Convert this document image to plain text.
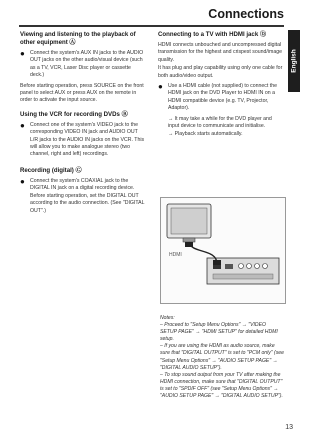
Connections
English
Viewing and listening to the playback of other equipment Ⓐ
● Connect the system's AUX IN jacks to the AUDIO OUT jacks on the other audio/visual device (such as a TV, VCR, Laser Disc player or cassette deck.)
Before starting operation, press SOURCE on the front panel to select AUX or press AUX on the remote in order to activate the input source.
Using the VCR for recording DVDs Ⓑ
● Connect one of the system's VIDEO jack to the corresponding VIDEO IN jack and AUDIO OUT L/R jacks to the AUDIO IN jacks on the VCR. This will allow you to make analogue stereo (two channel, right and left) recordings.
Recording (digital) Ⓒ
● Connect the system's COAXIAL jack to the DIGITAL IN jack on a digital recording device. Before starting operation, set the DIGITAL OUT according to the audio connection. (See "DIGITAL OUT".)
Connecting to a TV with HDMI jack Ⓓ
HDMI connects unbouched and uncompressed digital transmission for the highest and crispest sound/image quality.
It has plug and play capability using only one cable for both audio/video output.
● Use a HDMI cable (not supplied) to connect the HDMI jack on the DVD Player to HDMI IN on a HDMI compatible device (e.g. TV, Projector, Adaptor).
→ It may take a while for the DVD player and input device to communicate and initialise.
→ Playback starts automatically.
HDMI
Notes:
– Proceed to "Setup Menu Options" → "VIDEO SETUP PAGE" → "HDMI SETUP" for detailed HDMI setup.
– If you are using the HDMI as audio source, make sure that "DIGITAL OUTPUT" is set to "PCM only" (see "Setup Menu Options" → "AUDIO SETUP PAGE" → "DIGITAL AUDIO SETUP").
– To stop sound output from your TV after making the HDMI connection, make sure that "DIGITAL OUTPUT" is set to "SPDIF OFF" (see "Setup Menu Options" → "AUDIO SETUP PAGE" → "DIGITAL AUDIO SETUP").
13
